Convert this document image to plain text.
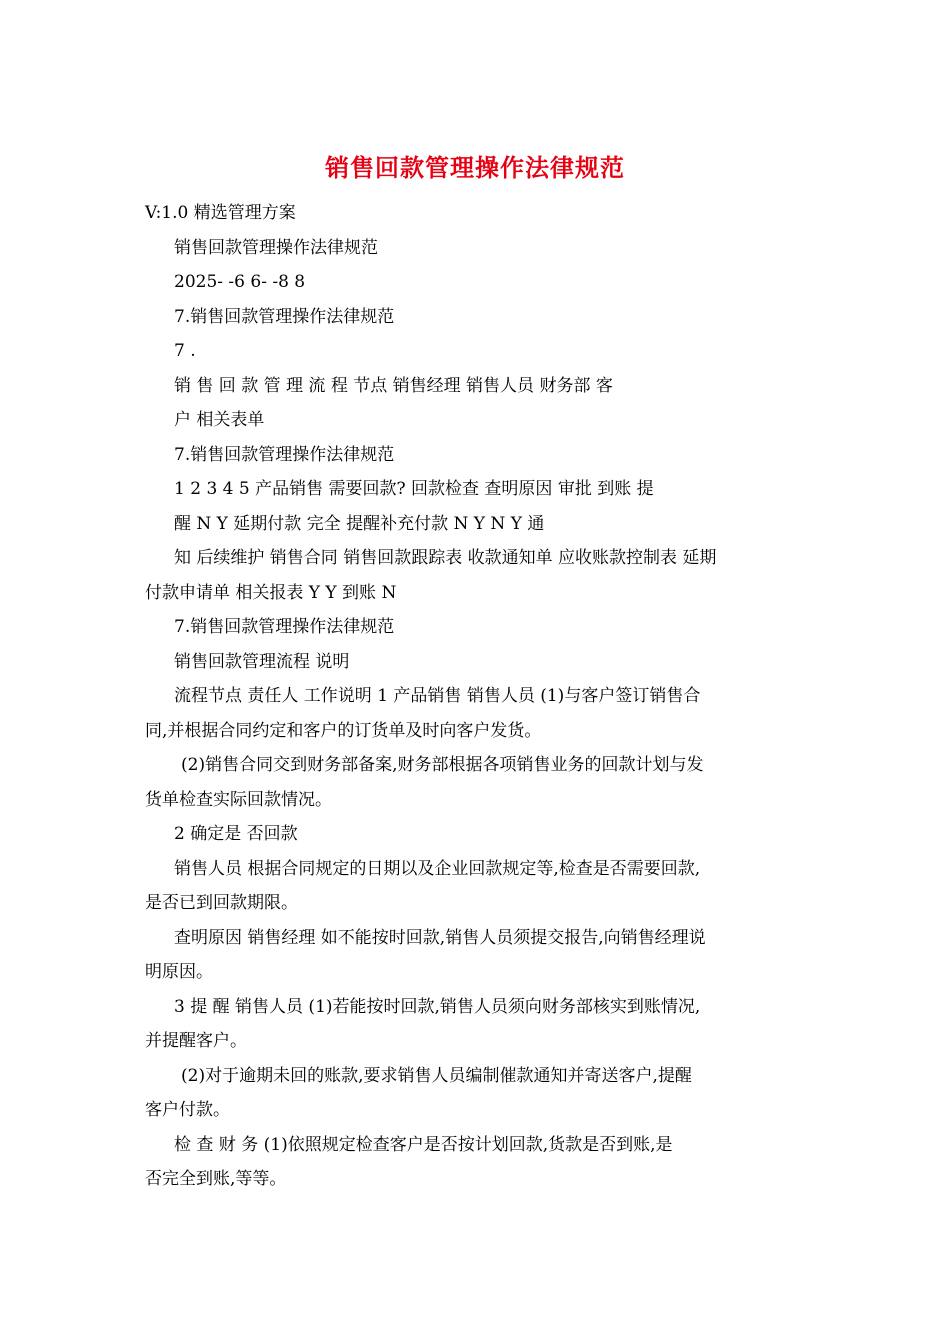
销售回款管理操作法律规范
V:1.0 精选管理方案
销售回款管理操作法律规范
2025- -6 6- -8 8
7.销售回款管理操作法律规范
7 .
销 售 回 款 管 理 流 程 节点 销售经理 销售人员 财务部 客
户 相关表单
7.销售回款管理操作法律规范
1 2 3 4 5 产品销售 需要回款? 回款检查 查明原因 审批 到账 提
醒 N Y 延期付款 完全 提醒补充付款 N Y N Y 通
知 后续维护 销售合同 销售回款跟踪表 收款通知单 应收账款控制表 延期
付款申请单 相关报表 Y Y 到账 N
7.销售回款管理操作法律规范
销售回款管理流程 说明
流程节点 责任人 工作说明 1 产品销售 销售人员 (1)与客户签订销售合
同,并根据合同约定和客户的订货单及时向客户发货。
(2)销售合同交到财务部备案,财务部根据各项销售业务的回款计划与发
货单检查实际回款情况。
2 确定是 否回款
销售人员 根据合同规定的日期以及企业回款规定等,检查是否需要回款,
是否已到回款期限。
查明原因 销售经理 如不能按时回款,销售人员须提交报告,向销售经理说
明原因。
3 提 醒 销售人员 (1)若能按时回款,销售人员须向财务部核实到账情况,
并提醒客户。
(2)对于逾期未回的账款,要求销售人员编制催款通知并寄送客户,提醒
客户付款。
检 查 财 务 (1)依照规定检查客户是否按计划回款,货款是否到账,是
否完全到账,等等。
